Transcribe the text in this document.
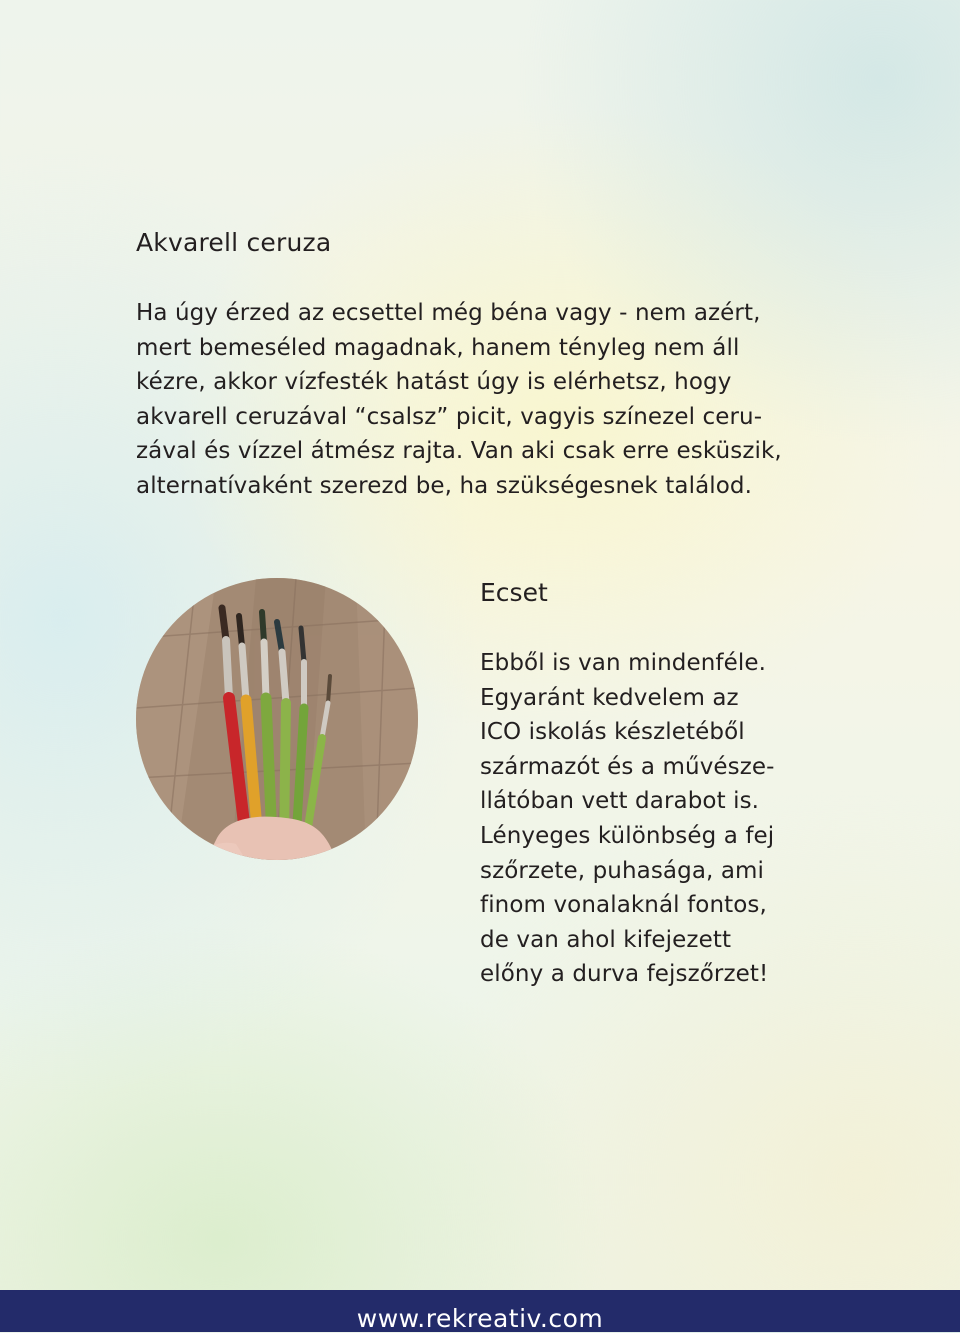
Akvarell ceruza

Ha úgy érzed az ecsettel még béna vagy - nem azért,
mert bemeséled magadnak, hanem tényleg nem áll
kézre, akkor vízfesték hatást úgy is elérhetsz, hogy
akvarell ceruzával “csalsz” picit, vagyis színezel ceru-
zával és vízzel átmész rajta. Van aki csak erre esküszik,
alternatívaként szerezd be, ha szükségesnek találod.

Ecset

Ebből is van mindenféle.
Egyaránt kedvelem az
ICO iskolás készletéből
származót és a művésze-
llátóban vett darabot is.
Lényeges különbség a fej
szőrzete, puhasága, ami
finom vonalaknál fontos,
de van ahol kifejezett
előny a durva fejszőrzet!

www.rekreativ.com
